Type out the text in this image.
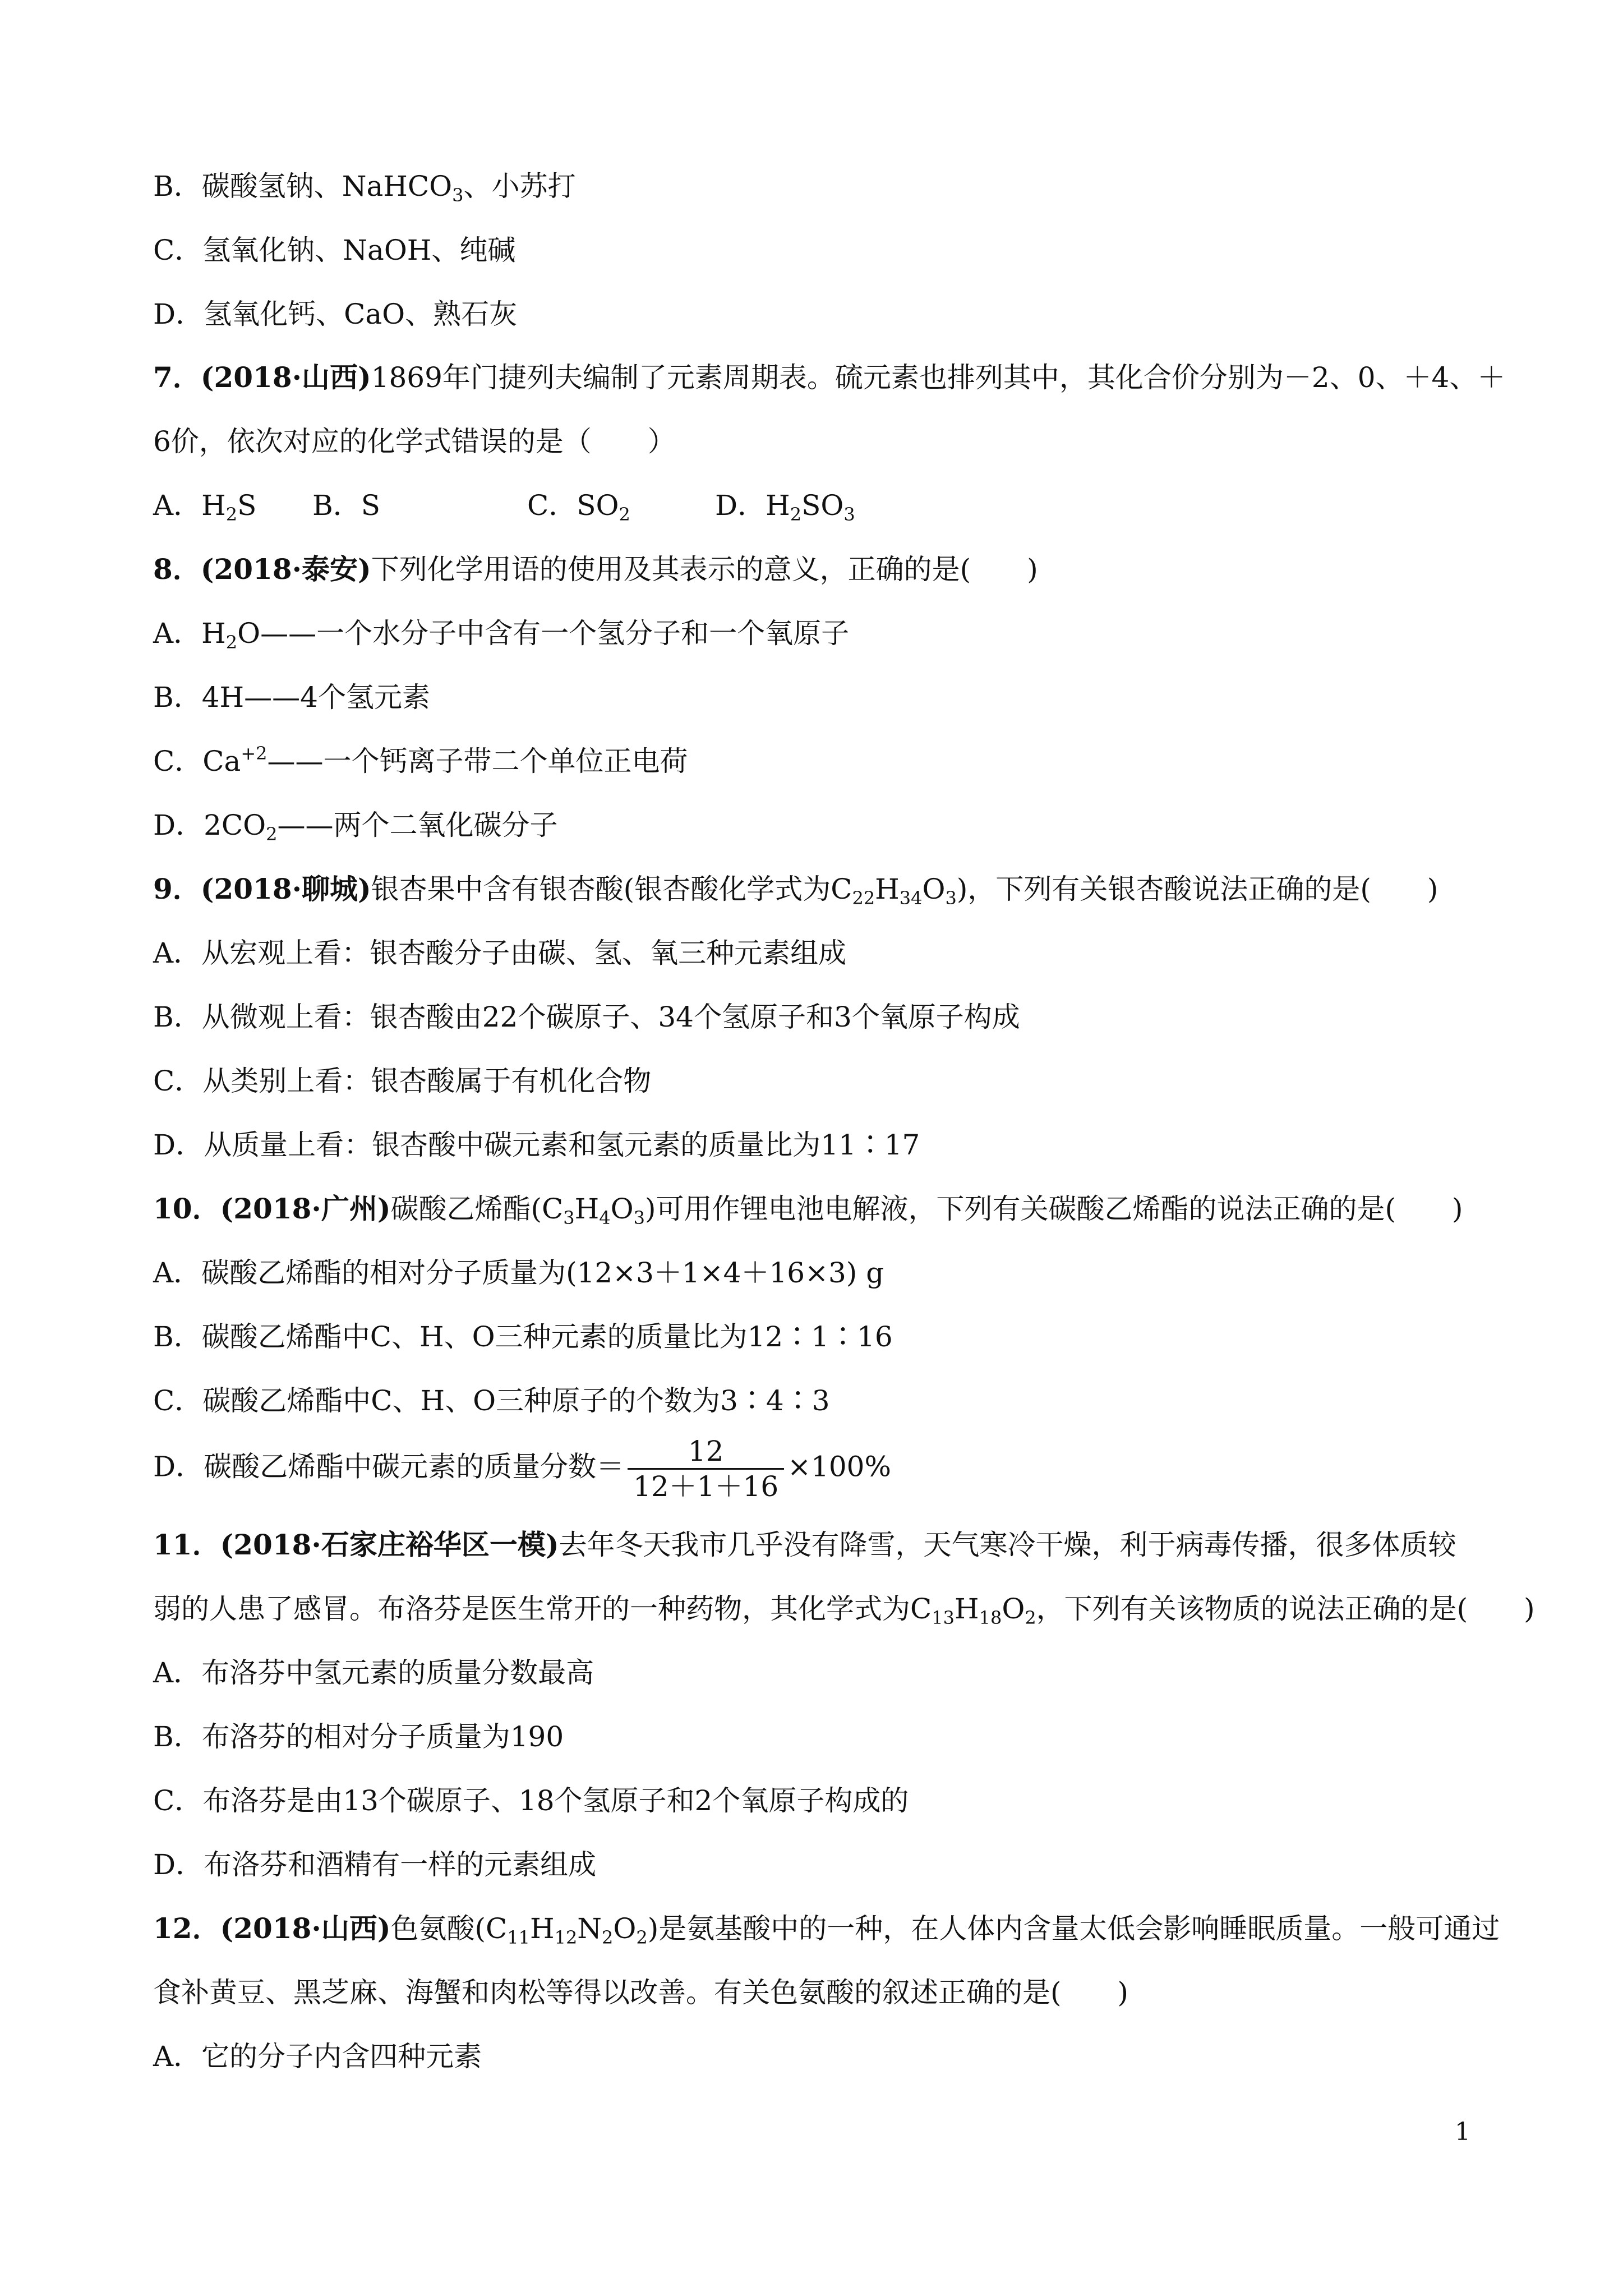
B．碳酸氢钠、NaHCO$_3$、小苏打
C．氢氧化钠、NaOH、纯碱
D．氢氧化钙、CaO、熟石灰
7．(2018·山西)1869年门捷列夫编制了元素周期表。硫元素也排列其中，其化合价分别为－2、0、＋4、＋
6价，依次对应的化学式错误的是（　　）
A．$H_2S$ B．S	C．$SO_2$	D．$H_2SO_3$
8．(2018·泰安)下列化学用语的使用及其表示的意义，正确的是(　　)
A．$H_2O——$一个水分子中含有一个氢分子和一个氧原子
B．4H——4个氢元素
C．$Ca^{+2}——$一个钙离子带二个单位正电荷
D．$2CO_2——$两个二氧化碳分子
9．(2018·聊城)银杏果中含有银杏酸(银杏酸化学式为$C_{22}H_{34}O_3$)，下列有关银杏酸说法正确的是(　　)
A．从宏观上看：银杏酸分子由碳、氢、氧三种元素组成
B．从微观上看：银杏酸由22个碳原子、34个氢原子和3个氧原子构成
C．从类别上看：银杏酸属于有机化合物
D．从质量上看：银杏酸中碳元素和氢元素的质量比为11∶17
10．(2018·广州)碳酸乙烯酯$(C_3H_4O_3)$可用作锂电池电解液，下列有关碳酸乙烯酯的说法正确的是(　　)
A．碳酸乙烯酯的相对分子质量为(12×3＋1×4＋16×3) g
B．碳酸乙烯酯中C、H、O三种元素的质量比为12∶1∶16
C．碳酸乙烯酯中C、H、O三种原子的个数为3∶4∶3
D．碳酸乙烯酯中碳元素的质量分数＝ $\frac{12}{12+1+16} \times 100\%$
11．(2018·石家庄裕华区一模)去年冬天我市几乎没有降雪，天气寒冷干燥，利于病毒传播，很多体质较
弱的人患了感冒。布洛芬是医生常开的一种药物，其化学式为$C_{13}H_{18}O_2$，下列有关该物质的说法正确的是(　　)
A．布洛芬中氢元素的质量分数最高
B．布洛芬的相对分子质量为190
C．布洛芬是由13个碳原子、18个氢原子和2个氧原子构成的
D．布洛芬和酒精有一样的元素组成
12．(2018·山西)色氨酸$(C_{11}H_{12}N_2O_2)$是氨基酸中的一种，在人体内含量太低会影响睡眠质量。一般可通过
食补黄豆、黑芝麻、海蟹和肉松等得以改善。有关色氨酸的叙述正确的是(　　)
A．它的分子内含四种元素
1
